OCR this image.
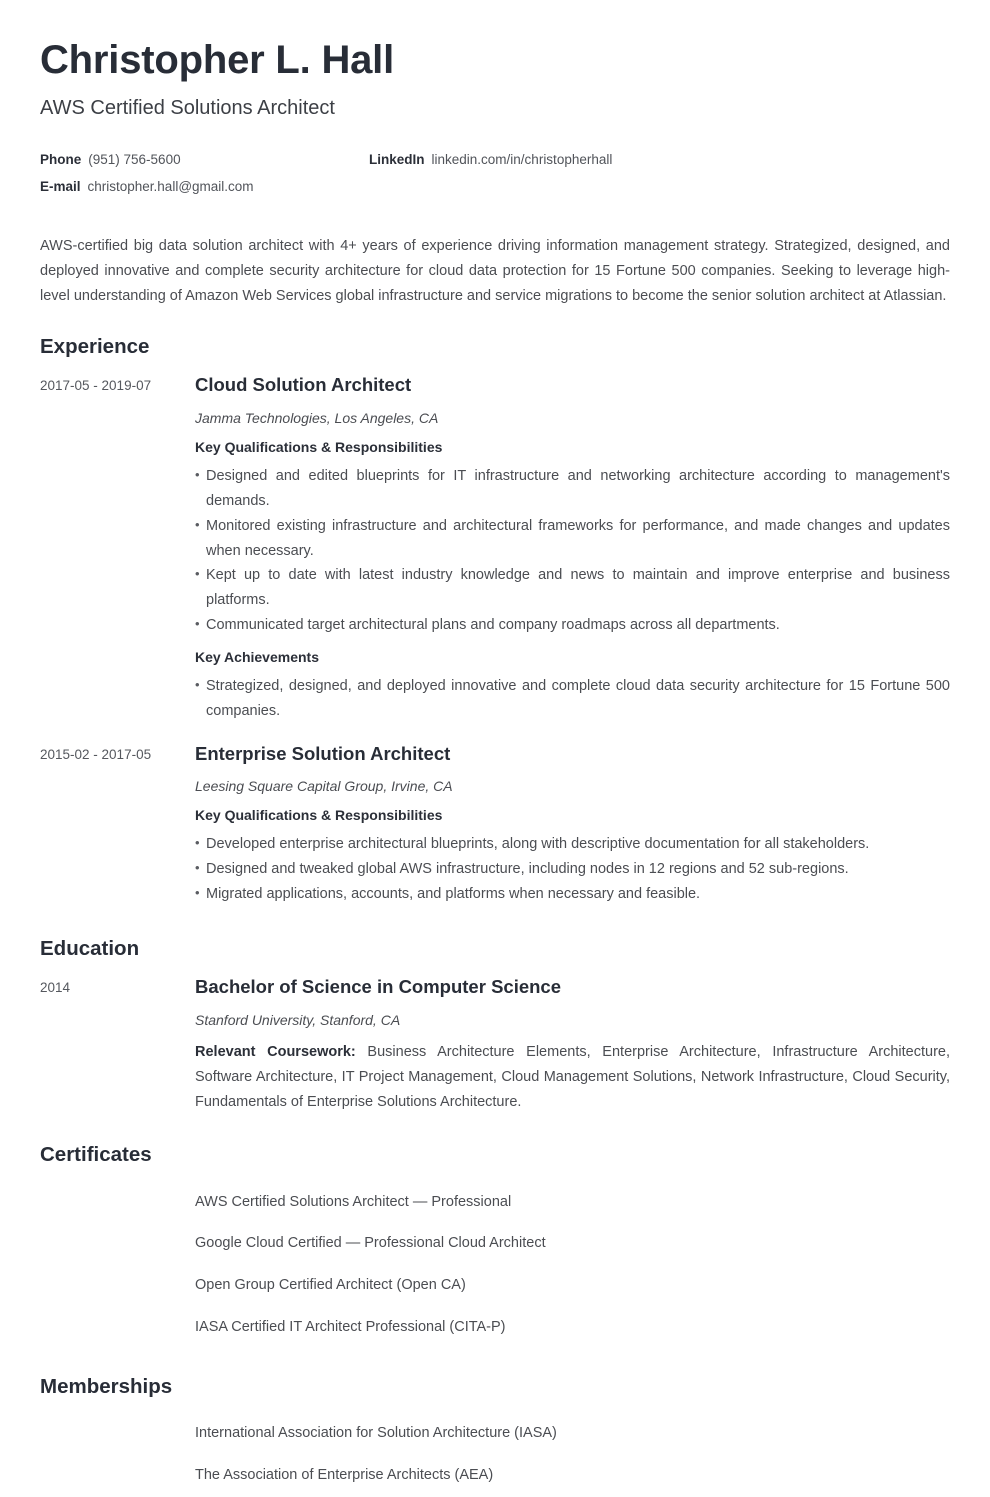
Christopher L. Hall
AWS Certified Solutions Architect
Phone (951) 756-5600	LinkedIn linkedin.com/in/christopherhall
E-mail christopher.hall@gmail.com
AWS-certified big data solution architect with 4+ years of experience driving information management strategy. Strategized, designed, and deployed innovative and complete security architecture for cloud data protection for 15 Fortune 500 companies. Seeking to leverage high-level understanding of Amazon Web Services global infrastructure and service migrations to become the senior solution architect at Atlassian.
Experience
2017-05 - 2019-07	Cloud Solution Architect
Jamma Technologies, Los Angeles, CA
Key Qualifications & Responsibilities
• Designed and edited blueprints for IT infrastructure and networking architecture according to management's demands.
• Monitored existing infrastructure and architectural frameworks for performance, and made changes and updates when necessary.
• Kept up to date with latest industry knowledge and news to maintain and improve enterprise and business platforms.
• Communicated target architectural plans and company roadmaps across all departments.
Key Achievements
• Strategized, designed, and deployed innovative and complete cloud data security architecture for 15 Fortune 500 companies.
2015-02 - 2017-05	Enterprise Solution Architect
Leesing Square Capital Group, Irvine, CA
Key Qualifications & Responsibilities
• Developed enterprise architectural blueprints, along with descriptive documentation for all stakeholders.
• Designed and tweaked global AWS infrastructure, including nodes in 12 regions and 52 sub-regions.
• Migrated applications, accounts, and platforms when necessary and feasible.
Education
2014	Bachelor of Science in Computer Science
Stanford University, Stanford, CA
Relevant Coursework: Business Architecture Elements, Enterprise Architecture, Infrastructure Architecture, Software Architecture, IT Project Management, Cloud Management Solutions, Network Infrastructure, Cloud Security, Fundamentals of Enterprise Solutions Architecture.
Certificates
AWS Certified Solutions Architect — Professional
Google Cloud Certified — Professional Cloud Architect
Open Group Certified Architect (Open CA)
IASA Certified IT Architect Professional (CITA-P)
Memberships
International Association for Solution Architecture (IASA)
The Association of Enterprise Architects (AEA)
